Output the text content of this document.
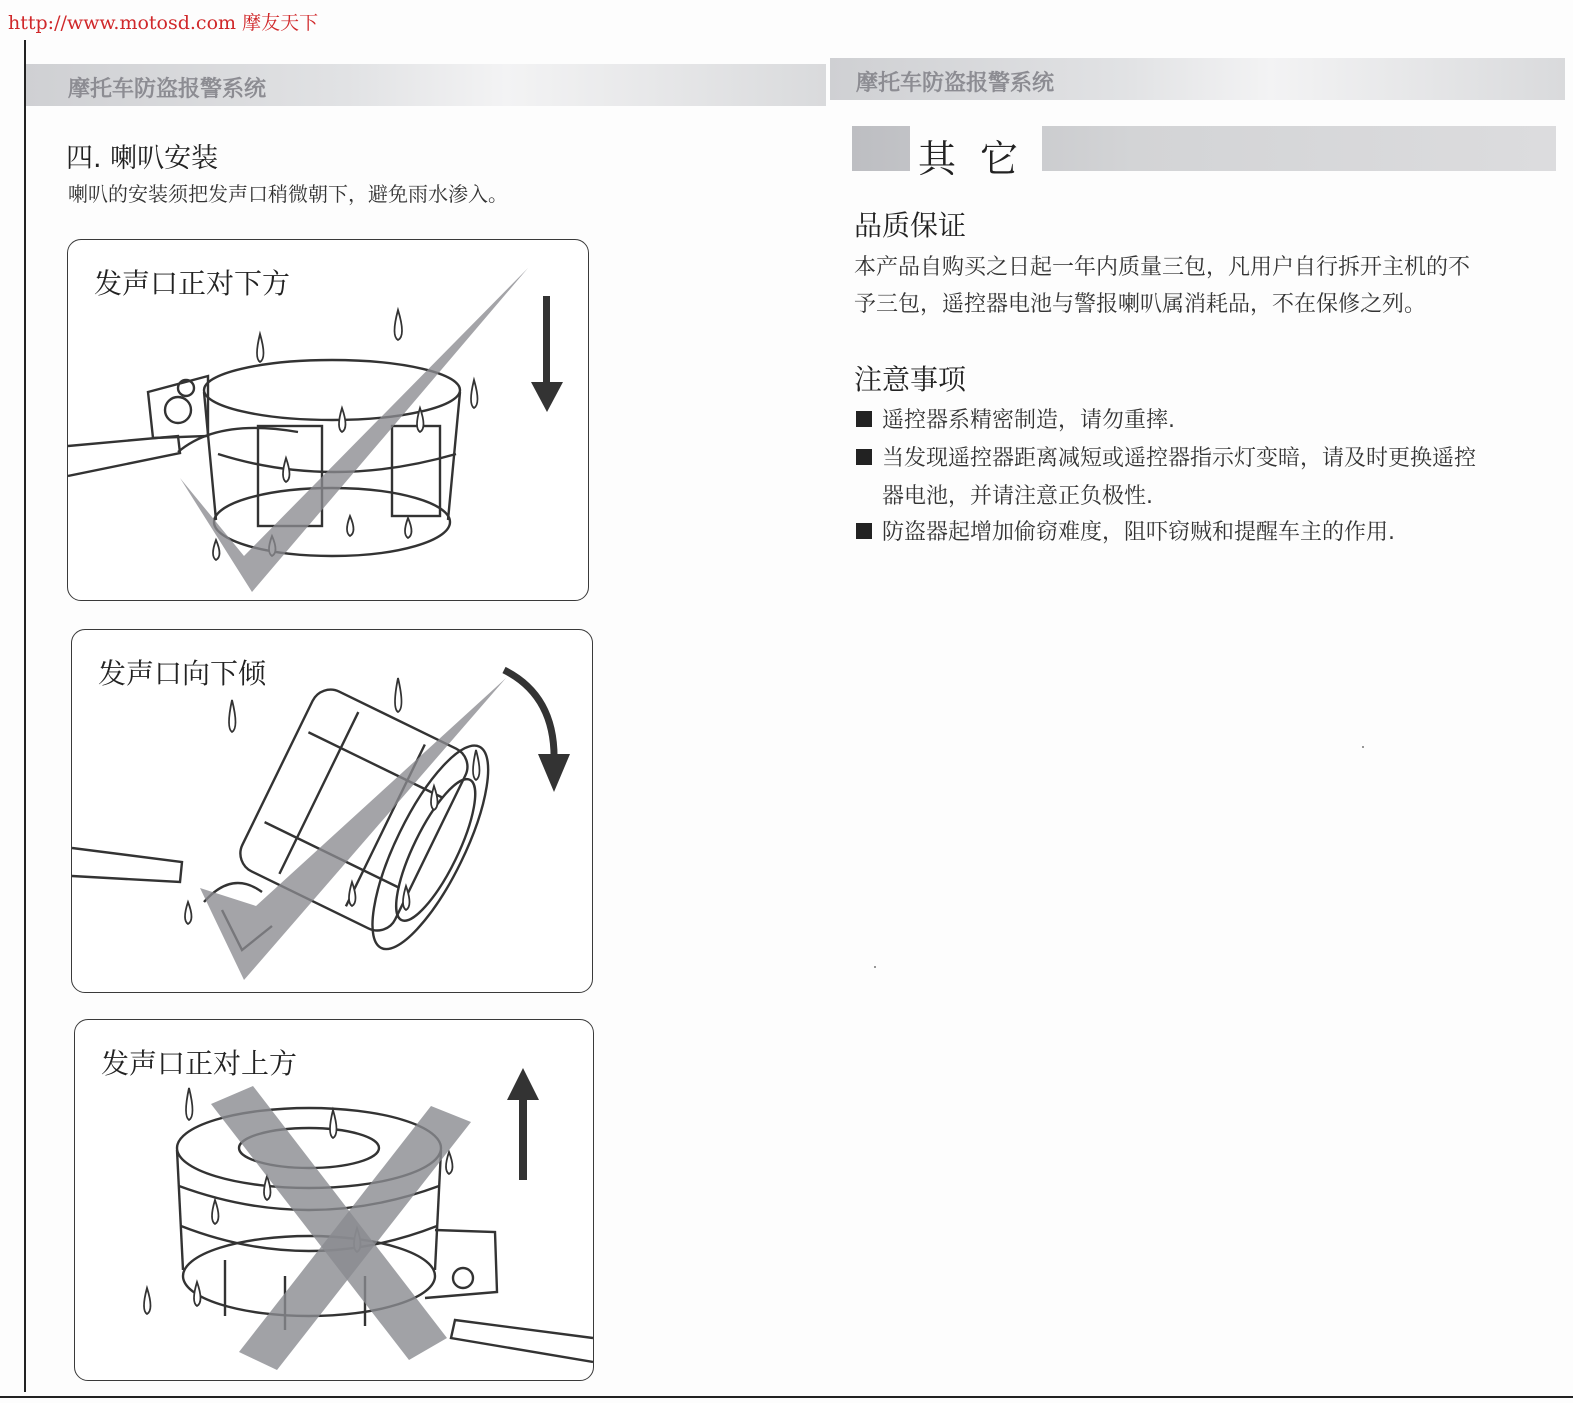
http://www.motosd.com 摩友天下
摩托车防盗报警系统
四. 喇叭安装
喇叭的安装须把发声口稍微朝下，避免雨水渗入。
发声口正对下方
发声口向下倾
发声口正对上方
摩托车防盗报警系统
其它
品质保证
本产品自购买之日起一年内质量三包，凡用户自行拆开主机的不
予三包，遥控器电池与警报喇叭属消耗品，不在保修之列。
注意事项
遥控器系精密制造，请勿重摔.
当发现遥控器距离减短或遥控器指示灯变暗，请及时更换遥控
器电池，并请注意正负极性.
防盗器起增加偷窃难度，阻吓窃贼和提醒车主的作用.
